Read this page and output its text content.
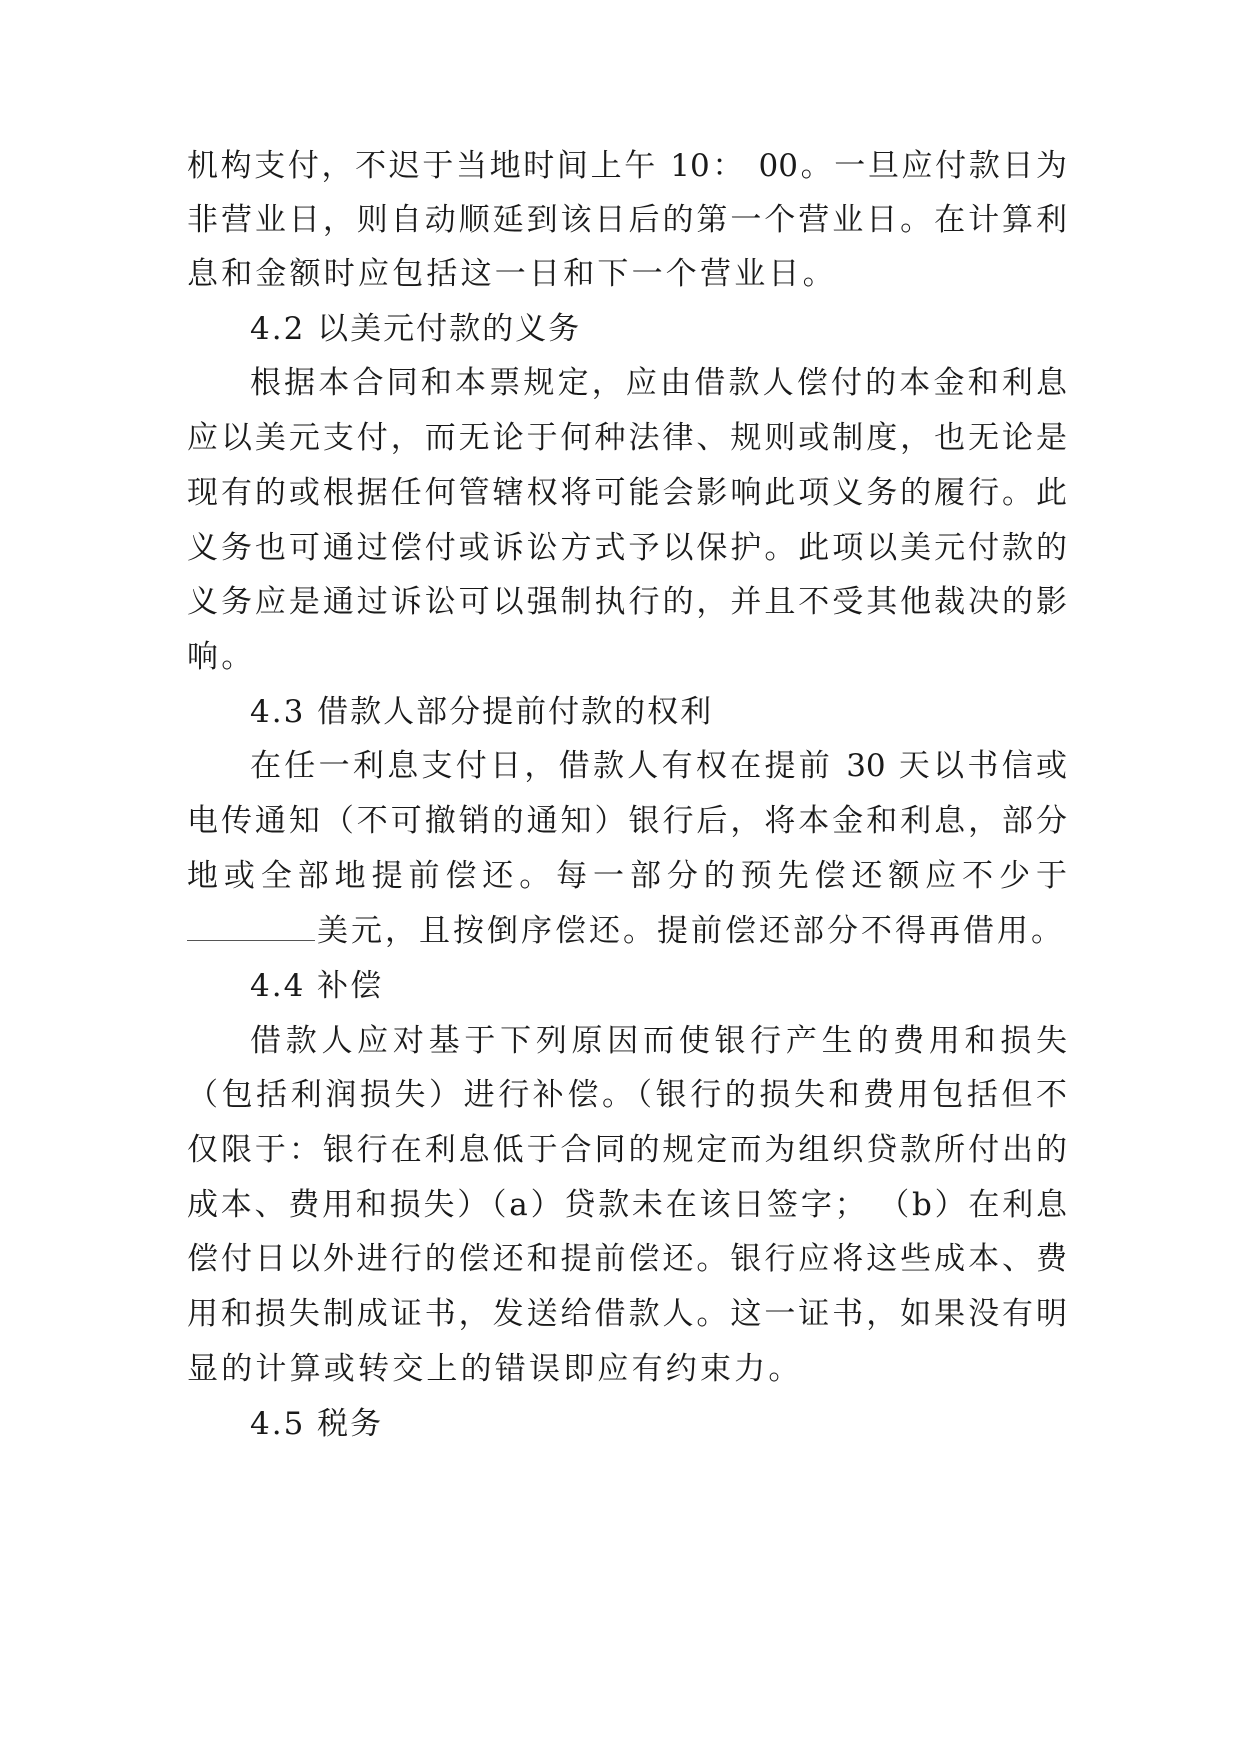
机构支付，不迟于当地时间上午 10： 00。一旦应付款日为
非营业日，则自动顺延到该日后的第一个营业日。在计算利
息和金额时应包括这一日和下一个营业日。
4.2 以美元付款的义务
根据本合同和本票规定，应由借款人偿付的本金和利息
应以美元支付，而无论于何种法律、规则或制度，也无论是
现有的或根据任何管辖权将可能会影响此项义务的履行。此
义务也可通过偿付或诉讼方式予以保护。此项以美元付款的
义务应是通过诉讼可以强制执行的，并且不受其他裁决的影
响。
4.3 借款人部分提前付款的权利
在任一利息支付日，借款人有权在提前 30 天以书信或
电传通知（不可撤销的通知）银行后，将本金和利息，部分
地或全部地提前偿还。每一部分的预先偿还额应不少于
美元，且按倒序偿还。提前偿还部分不得再借用。
4.4 补偿
借款人应对基于下列原因而使银行产生的费用和损失
（包括利润损失）进行补偿。（银行的损失和费用包括但不
仅限于：银行在利息低于合同的规定而为组织贷款所付出的
成本、费用和损失）（a）贷款未在该日签字； （b）在利息
偿付日以外进行的偿还和提前偿还。银行应将这些成本、费
用和损失制成证书，发送给借款人。这一证书，如果没有明
显的计算或转交上的错误即应有约束力。
4.5 税务
